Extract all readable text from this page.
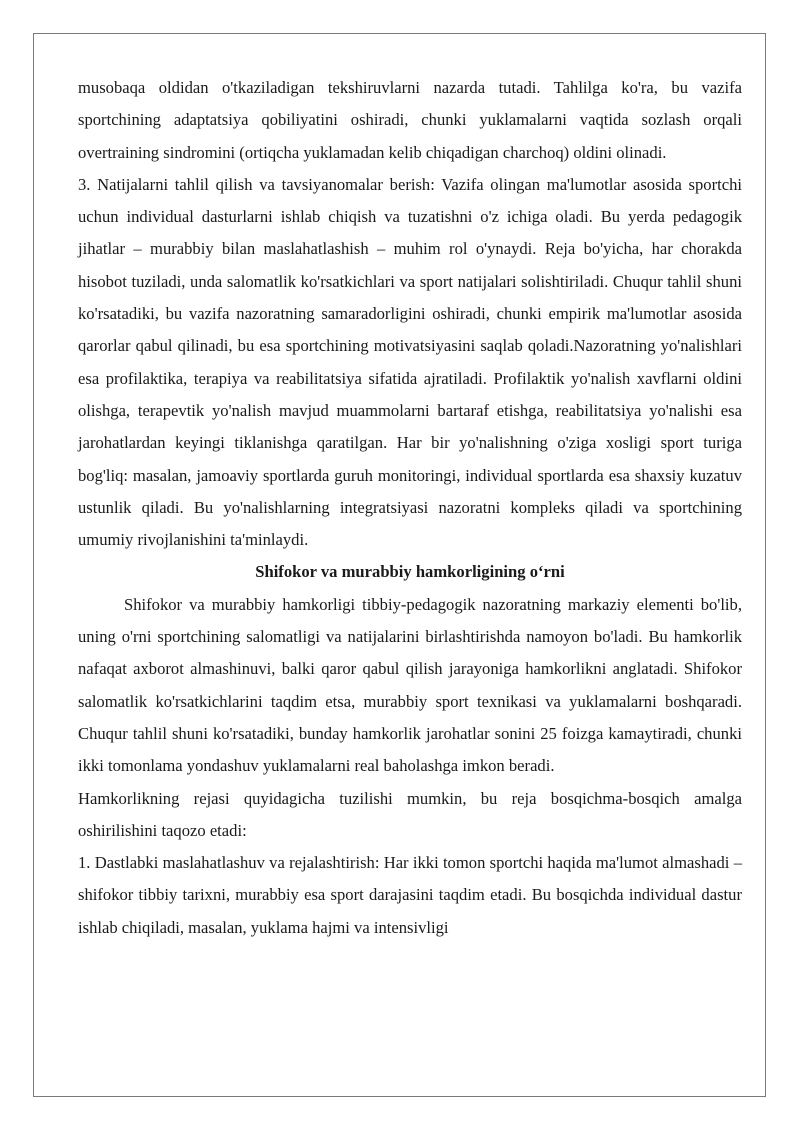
musobaqa oldidan o'tkaziladigan tekshiruvlarni nazarda tutadi. Tahlilga ko'ra, bu vazifa sportchining adaptatsiya qobiliyatini oshiradi, chunki yuklamalarni vaqtida sozlash orqali overtraining sindromini (ortiqcha yuklamadan kelib chiqadigan charchoq) oldini olinadi.

3. Natijalarni tahlil qilish va tavsiyanomalar berish: Vazifa olingan ma'lumotlar asosida sportchi uchun individual dasturlarni ishlab chiqish va tuzatishni o'z ichiga oladi. Bu yerda pedagogik jihatlar – murabbiy bilan maslahatlashish – muhim rol o'ynaydi. Reja bo'yicha, har chorakda hisobot tuziladi, unda salomatlik ko'rsatkichlari va sport natijalari solishtiriladi. Chuqur tahlil shuni ko'rsatadiki, bu vazifa nazoratning samaradorligini oshiradi, chunki empirik ma'lumotlar asosida qarorlar qabul qilinadi, bu esa sportchining motivatsiyasini saqlab qoladi.Nazoratning yo'nalishlari esa profilaktika, terapiya va reabilitatsiya sifatida ajratiladi. Profilaktik yo'nalish xavflarni oldini olishga, terapevtik yo'nalish mavjud muammolarni bartaraf etishga, reabilitatsiya yo'nalishi esa jarohatlardan keyingi tiklanishga qaratilgan. Har bir yo'nalishning o'ziga xosligi sport turiga bog'liq: masalan, jamoaviy sportlarda guruh monitoringi, individual sportlarda esa shaxsiy kuzatuv ustunlik qiladi. Bu yo'nalishlarning integratsiyasi nazoratni kompleks qiladi va sportchining umumiy rivojlanishini ta'minlaydi.

Shifokor va murabbiy hamkorligining o‘rni

Shifokor va murabbiy hamkorligi tibbiy-pedagogik nazoratning markaziy elementi bo'lib, uning o'rni sportchining salomatligi va natijalarini birlashtirishda namoyon bo'ladi. Bu hamkorlik nafaqat axborot almashinuvi, balki qaror qabul qilish jarayoniga hamkorlikni anglatadi. Shifokor salomatlik ko'rsatkichlarini taqdim etsa, murabbiy sport texnikasi va yuklamalarni boshqaradi. Chuqur tahlil shuni ko'rsatadiki, bunday hamkorlik jarohatlar sonini 25 foizga kamaytiradi, chunki ikki tomonlama yondashuv yuklamalarni real baholashga imkon beradi.

Hamkorlikning rejasi quyidagicha tuzilishi mumkin, bu reja bosqichma-bosqich amalga oshirilishini taqozo etadi:

1. Dastlabki maslahatlashuv va rejalashtirish: Har ikki tomon sportchi haqida ma'lumot almashadi – shifokor tibbiy tarixni, murabbiy esa sport darajasini taqdim etadi. Bu bosqichda individual dastur ishlab chiqiladi, masalan, yuklama hajmi va intensivligi
